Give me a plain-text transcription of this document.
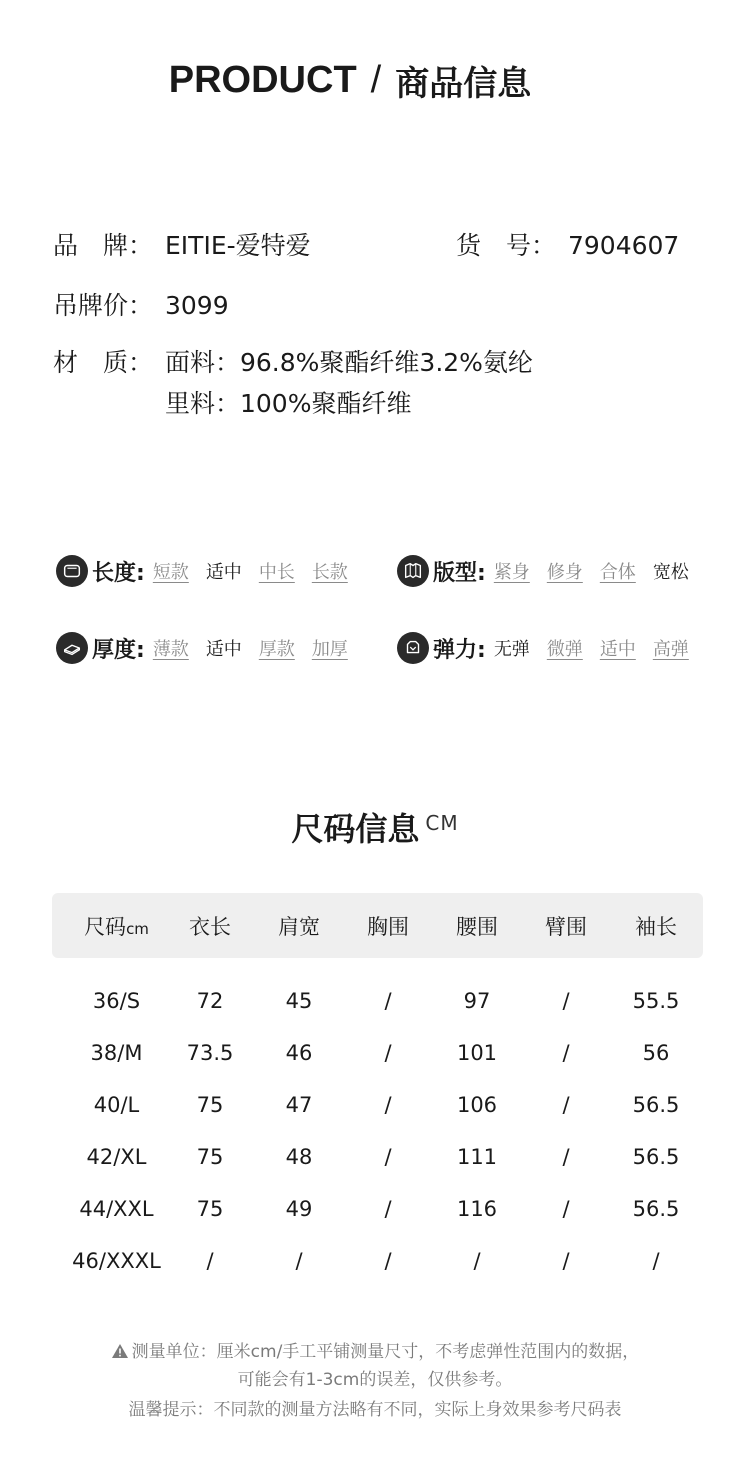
PRODUCT / 商品信息
品　牌： EITIE-爱特爱	货　号： 7904607
吊牌价： 3099
材　质： 面料：96.8%聚酯纤维3.2%氨纶
里料：100%聚酯纤维
长度: 短款 适中 中长 长款	版型: 紧身 修身 合体 宽松
厚度: 薄款 适中 厚款 加厚	弹力: 无弹 微弹 适中 高弹
尺码信息 CM
尺码cm	衣长	肩宽	胸围	腰围	臂围	袖长
36/S	72	45	/	97	/	55.5
38/M	73.5	46	/	101	/	56
40/L	75	47	/	106	/	56.5
42/XL	75	48	/	111	/	56.5
44/XXL	75	49	/	116	/	56.5
46/XXXL	/	/	/	/	/	/
测量单位：厘米cm/手工平铺测量尺寸，不考虑弹性范围内的数据，
可能会有1-3cm的误差，仅供参考。
温馨提示：不同款的测量方法略有不同，实际上身效果参考尺码表
